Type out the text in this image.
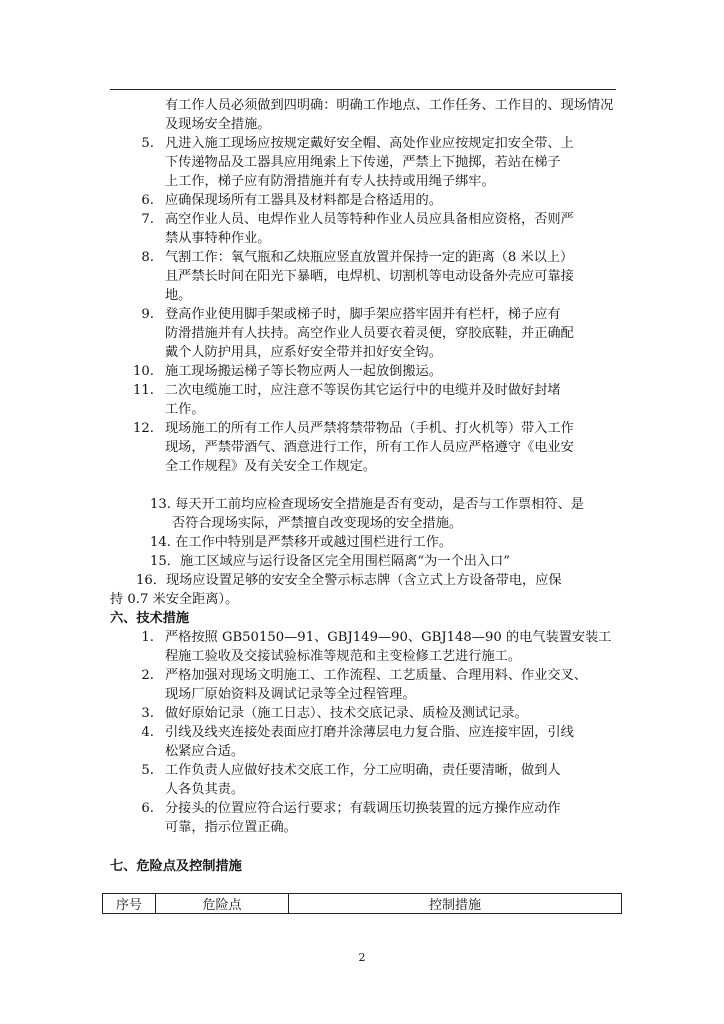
有工作人员必须做到四明确：明确工作地点、工作任务、工作目的、现场情况及现场安全措施。
5. 凡进入施工现场应按规定戴好安全帽、高处作业应按规定扣安全带、上
下传递物品及工器具应用绳索上下传递，严禁上下抛掷，若站在梯子
上工作，梯子应有防滑措施并有专人扶持或用绳子绑牢。
6. 应确保现场所有工器具及材料都是合格适用的。
7. 高空作业人员、电焊作业人员等特种作业人员应具备相应资格，否则严
禁从事特种作业。
8. 气割工作：氧气瓶和乙炔瓶应竖直放置并保持一定的距离（8 米以上）
且严禁长时间在阳光下暴晒，电焊机、切割机等电动设备外壳应可靠接
地。
9. 登高作业使用脚手架或梯子时，脚手架应搭牢固并有栏杆，梯子应有
防滑措施并有人扶持。高空作业人员要衣着灵便，穿胶底鞋，并正确配
戴个人防护用具，应系好安全带并扣好安全钩。
10. 施工现场搬运梯子等长物应两人一起放倒搬运。
11. 二次电缆施工时，应注意不等误伤其它运行中的电缆并及时做好封堵
工作。
12. 现场施工的所有工作人员严禁将禁带物品（手机、打火机等）带入工作
现场，严禁带酒气、酒意进行工作，所有工作人员应严格遵守《电业安
全工作规程》及有关安全工作规定。
13. 每天开工前均应检查现场安全措施是否有变动，是否与工作票相符、是
否符合现场实际，严禁擅自改变现场的安全措施。
14. 在工作中特别是严禁移开或越过围栏进行工作。
15．施工区域应与运行设备区完全用围栏隔离“为一个出入口”
16．现场应设置足够的安安全全警示标志牌（含立式上方设备带电，应保
持 0.7 米安全距离）。
六、技术措施
1. 严格按照 GB50150—91、GBJ149—90、GBJ148—90 的电气装置安装工
程施工验收及交接试验标准等规范和主变检修工艺进行施工。
2. 严格加强对现场文明施工、工作流程、工艺质量、合理用料、作业交叉、
现场厂原始资料及调试记录等全过程管理。
3. 做好原始记录（施工日志）、技术交底记录、质检及测试记录。
4. 引线及线夹连接处表面应打磨并涂薄层电力复合脂、应连接牢固，引线
松紧应合适。
5. 工作负责人应做好技术交底工作，分工应明确，责任要清晰，做到人
人各负其责。
6. 分接头的位置应符合运行要求；有载调压切换装置的远方操作应动作
可靠，指示位置正确。
七、危险点及控制措施
序号	危险点	控制措施
2
